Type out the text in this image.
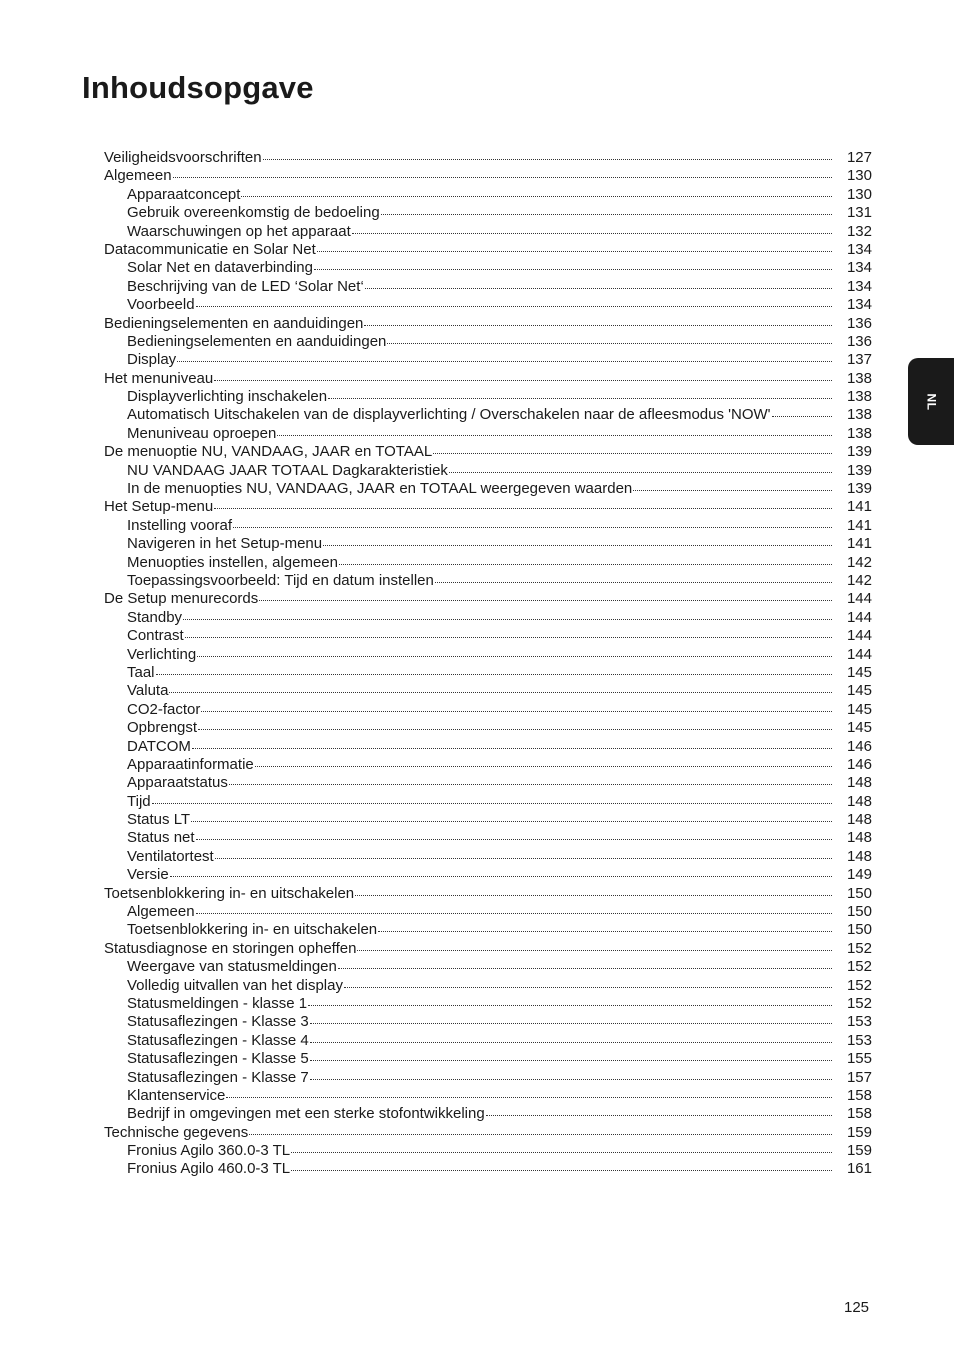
Inhoudsopgave
Veiligheidsvoorschriften	127
Algemeen	130
Apparaatconcept	130
Gebruik overeenkomstig de bedoeling	131
Waarschuwingen op het apparaat	132
Datacommunicatie en Solar Net	134
Solar Net en dataverbinding	134
Beschrijving van de LED ‘Solar Net‘	134
Voorbeeld	134
Bedieningselementen en aanduidingen	136
Bedieningselementen en aanduidingen	136
Display	137
Het menuniveau	138
Displayverlichting inschakelen	138
Automatisch Uitschakelen van de displayverlichting / Overschakelen naar de afleesmodus 'NOW'	138
Menuniveau oproepen	138
De menuoptie NU, VANDAAG, JAAR en TOTAAL	139
NU VANDAAG JAAR TOTAAL Dagkarakteristiek	139
In de menuopties NU, VANDAAG, JAAR en TOTAAL weergegeven waarden	139
Het Setup-menu	141
Instelling vooraf	141
Navigeren in het Setup-menu	141
Menuopties instellen, algemeen	142
Toepassingsvoorbeeld: Tijd en datum instellen	142
De Setup menurecords	144
Standby	144
Contrast	144
Verlichting	144
Taal	145
Valuta	145
CO2-factor	145
Opbrengst	145
DATCOM	146
Apparaatinformatie	146
Apparaatstatus	148
Tijd	148
Status LT	148
Status net	148
Ventilatortest	148
Versie	149
Toetsenblokkering in- en uitschakelen	150
Algemeen	150
Toetsenblokkering in- en uitschakelen	150
Statusdiagnose en storingen opheffen	152
Weergave van statusmeldingen	152
Volledig uitvallen van het display	152
Statusmeldingen - klasse 1	152
Statusaflezingen - Klasse 3	153
Statusaflezingen - Klasse 4	153
Statusaflezingen - Klasse 5	155
Statusaflezingen - Klasse 7	157
Klantenservice	158
Bedrijf in omgevingen met een sterke stofontwikkeling	158
Technische gegevens	159
Fronius Agilo 360.0-3 TL	159
Fronius Agilo 460.0-3 TL	161
NL
125
